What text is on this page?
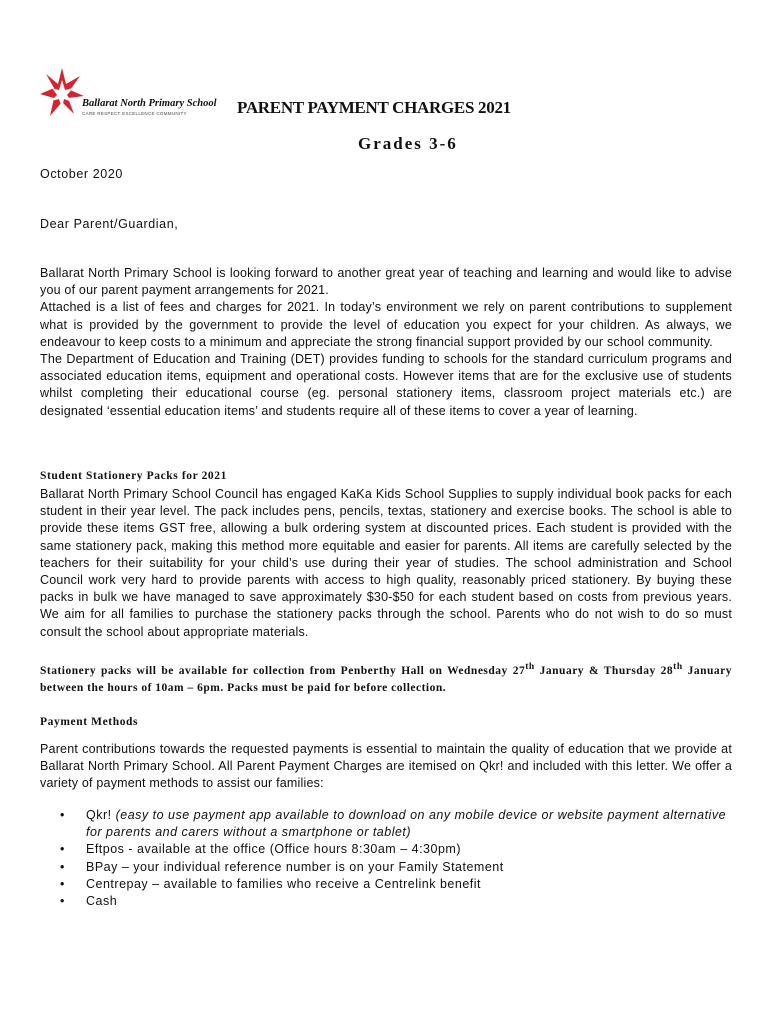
Ballarat North Primary School
CARE RESPECT EXCELLENCE COMMUNITY	PARENT PAYMENT CHARGES 2021
Grades 3-6
October 2020
Dear Parent/Guardian,

Ballarat North Primary School is looking forward to another great year of teaching and learning and would like to advise you of our parent payment arrangements for 2021.

Attached is a list of fees and charges for 2021. In today’s environment we rely on parent contributions to supplement what is provided by the government to provide the level of education you expect for your children. As always, we endeavour to keep costs to a minimum and appreciate the strong financial support provided by our school community.

The Department of Education and Training (DET) provides funding to schools for the standard curriculum programs and associated education items, equipment and operational costs. However items that are for the exclusive use of students whilst completing their educational course (eg. personal stationery items, classroom project materials etc.) are designated ‘essential education items’ and students require all of these items to cover a year of learning.

Student Stationery Packs for 2021
Ballarat North Primary School Council has engaged KaKa Kids School Supplies to supply individual book packs for each student in their year level. The pack includes pens, pencils, textas, stationery and exercise books. The school is able to provide these items GST free, allowing a bulk ordering system at discounted prices. Each student is provided with the same stationery pack, making this method more equitable and easier for parents. All items are carefully selected by the teachers for their suitability for your child’s use during their year of studies. The school administration and School Council work very hard to provide parents with access to high quality, reasonably priced stationery. By buying these packs in bulk we have managed to save approximately $30-$50 for each student based on costs from previous years. We aim for all families to purchase the stationery packs through the school. Parents who do not wish to do so must consult the school about appropriate materials.
Stationery packs will be available for collection from Penberthy Hall on Wednesday 27th January & Thursday 28th January between the hours of 10am – 6pm. Packs must be paid for before collection.
Payment Methods
Parent contributions towards the requested payments is essential to maintain the quality of education that we provide at Ballarat North Primary School. All Parent Payment Charges are itemised on Qkr! and included with this letter. We offer a variety of payment methods to assist our families:
• Qkr! (easy to use payment app available to download on any mobile device or website payment alternative for parents and carers without a smartphone or tablet)
• Eftpos - available at the office (Office hours 8:30am – 4:30pm)
• BPay – your individual reference number is on your Family Statement
• Centrepay – available to families who receive a Centrelink benefit
• Cash
